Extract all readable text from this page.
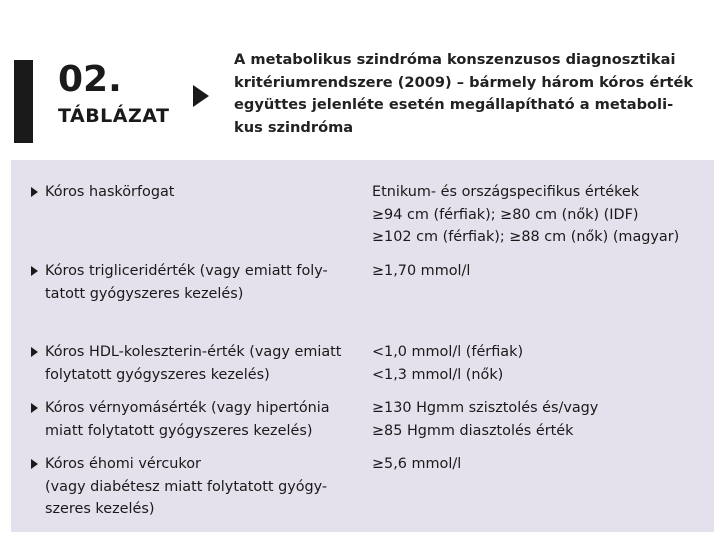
02.
TÁBLÁZAT
A metabolikus szindróma konszenzusos diagnosztikai
kritériumrendszere (2009) – bármely három kóros érték
együttes jelenléte esetén megállapítható a metaboli-
kus szindróma
Kóros haskörfogat	Etnikum- és országspecifikus értékek
≥94 cm (férfiak); ≥80 cm (nők) (IDF)
≥102 cm (férfiak); ≥88 cm (nők) (magyar)
Kóros trigliceridérték (vagy emiatt foly-
tatott gyógyszeres kezelés)
≥1,70 mmol/l
Kóros HDL-koleszterin-érték (vagy emiatt
folytatott gyógyszeres kezelés)
<1,0 mmol/l (férfiak)
<1,3 mmol/l (nők)
Kóros vérnyomásérték (vagy hipertónia
miatt folytatott gyógyszeres kezelés)
≥130 Hgmm szisztolés és/vagy
≥85 Hgmm diasztolés érték
Kóros éhomi vércukor
(vagy diabétesz miatt folytatott gyógy-
szeres kezelés)
≥5,6 mmol/l
